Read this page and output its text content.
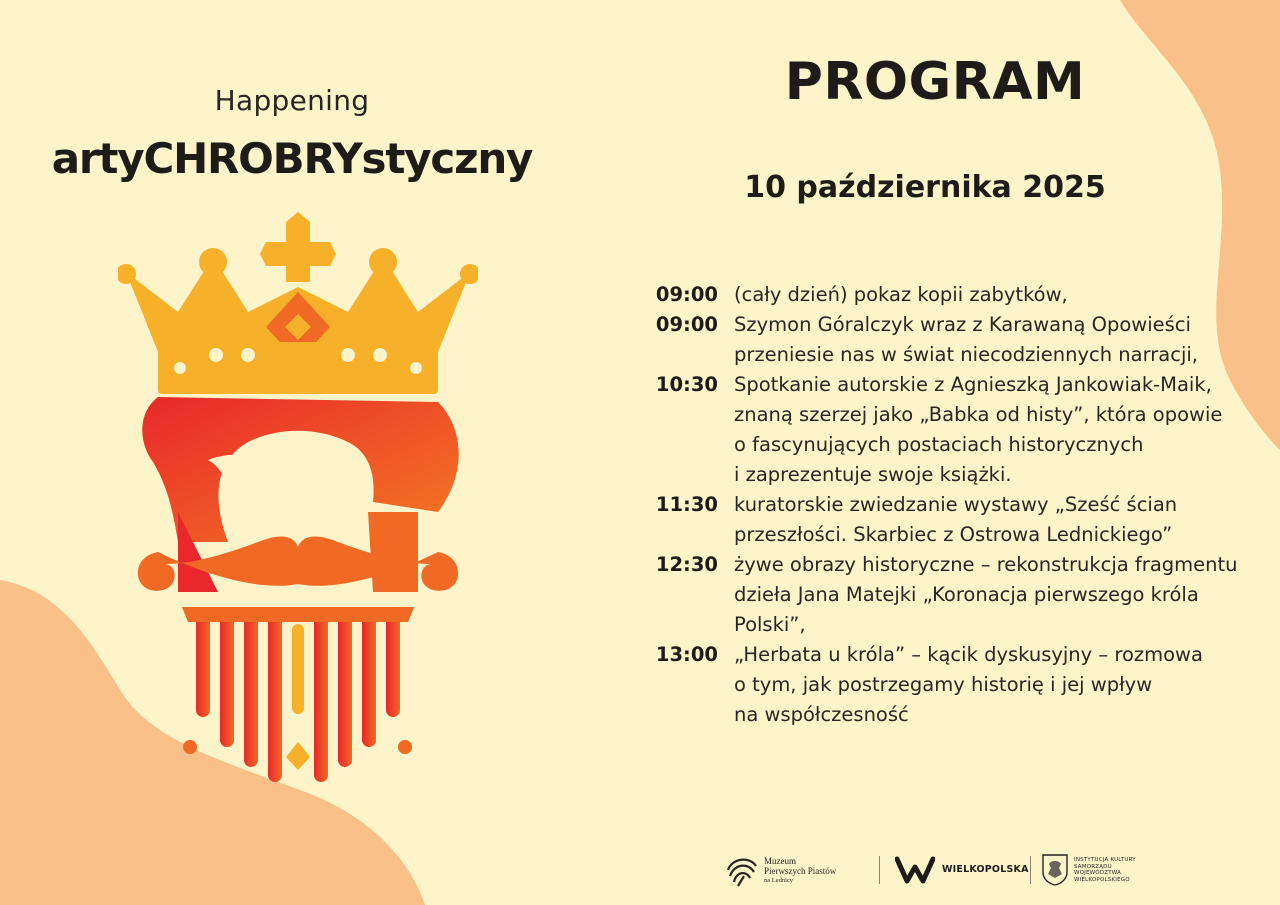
Happening
artyCHROBRYstyczny
PROGRAM
10 października 2025
09:00 (cały dzień) pokaz kopii zabytków,
09:00 Szymon Góralczyk wraz z Karawaną Opowieści
przeniesie nas w świat niecodziennych narracji,
10:30 Spotkanie autorskie z Agnieszką Jankowiak-Maik,
znaną szerzej jako „Babka od histy”, która opowie
o fascynujących postaciach historycznych
i zaprezentuje swoje książki.
11:30 kuratorskie zwiedzanie wystawy „Sześć ścian
przeszłości. Skarbiec z Ostrowa Lednickiego”
12:30 żywe obrazy historyczne – rekonstrukcja fragmentu
dzieła Jana Matejki „Koronacja pierwszego króla
Polski”,
13:00 „Herbata u króla” – kącik dyskusyjny – rozmowa
o tym, jak postrzegamy historię i jej wpływ
na współczesność
Muzeum
Pierwszych Piastów
na Lednicy
WIELKOPOLSKA
INSTYTUCJA KULTURY
SAMORZĄDU
WOJEWÓDZTWA
WIELKOPOLSKIEGO
